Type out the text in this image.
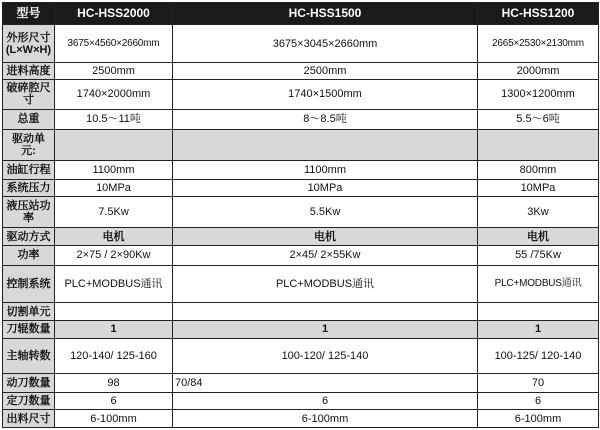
型号	HC-HSS2000	HC-HSS1500	HC-HSS1200
外形尺寸(L×W×H)	3675×4560×2660mm	3675×3045×2660mm	2665×2530×2130mm
进料高度	2500mm	2500mm	2000mm
破碎腔尺寸	1740×2000mm	1740×1500mm	1300×1200mm
总重	10.5～11吨	8～8.5吨	5.5～6吨
驱动单元:			
油缸行程	1100mm	1100mm	800mm
系统压力	10MPa	10MPa	10MPa
液压站功率	7.5Kw	5.5Kw	3Kw
驱动方式	电机	电机	电机
功率	2×75 / 2×90Kw	2×45/ 2×55Kw	55 /75Kw
控制系统	PLC+MODBUS通讯	PLC+MODBUS通讯	PLC+MODBUS通讯
切割单元			
刀辊数量	1	1	1
主轴转数	120-140/ 125-160	100-120/ 125-140	100-125/ 120-140
动刀数量	98	70/84	70
定刀数量	6	6	6
出料尺寸	6-100mm	6-100mm	6-100mm
